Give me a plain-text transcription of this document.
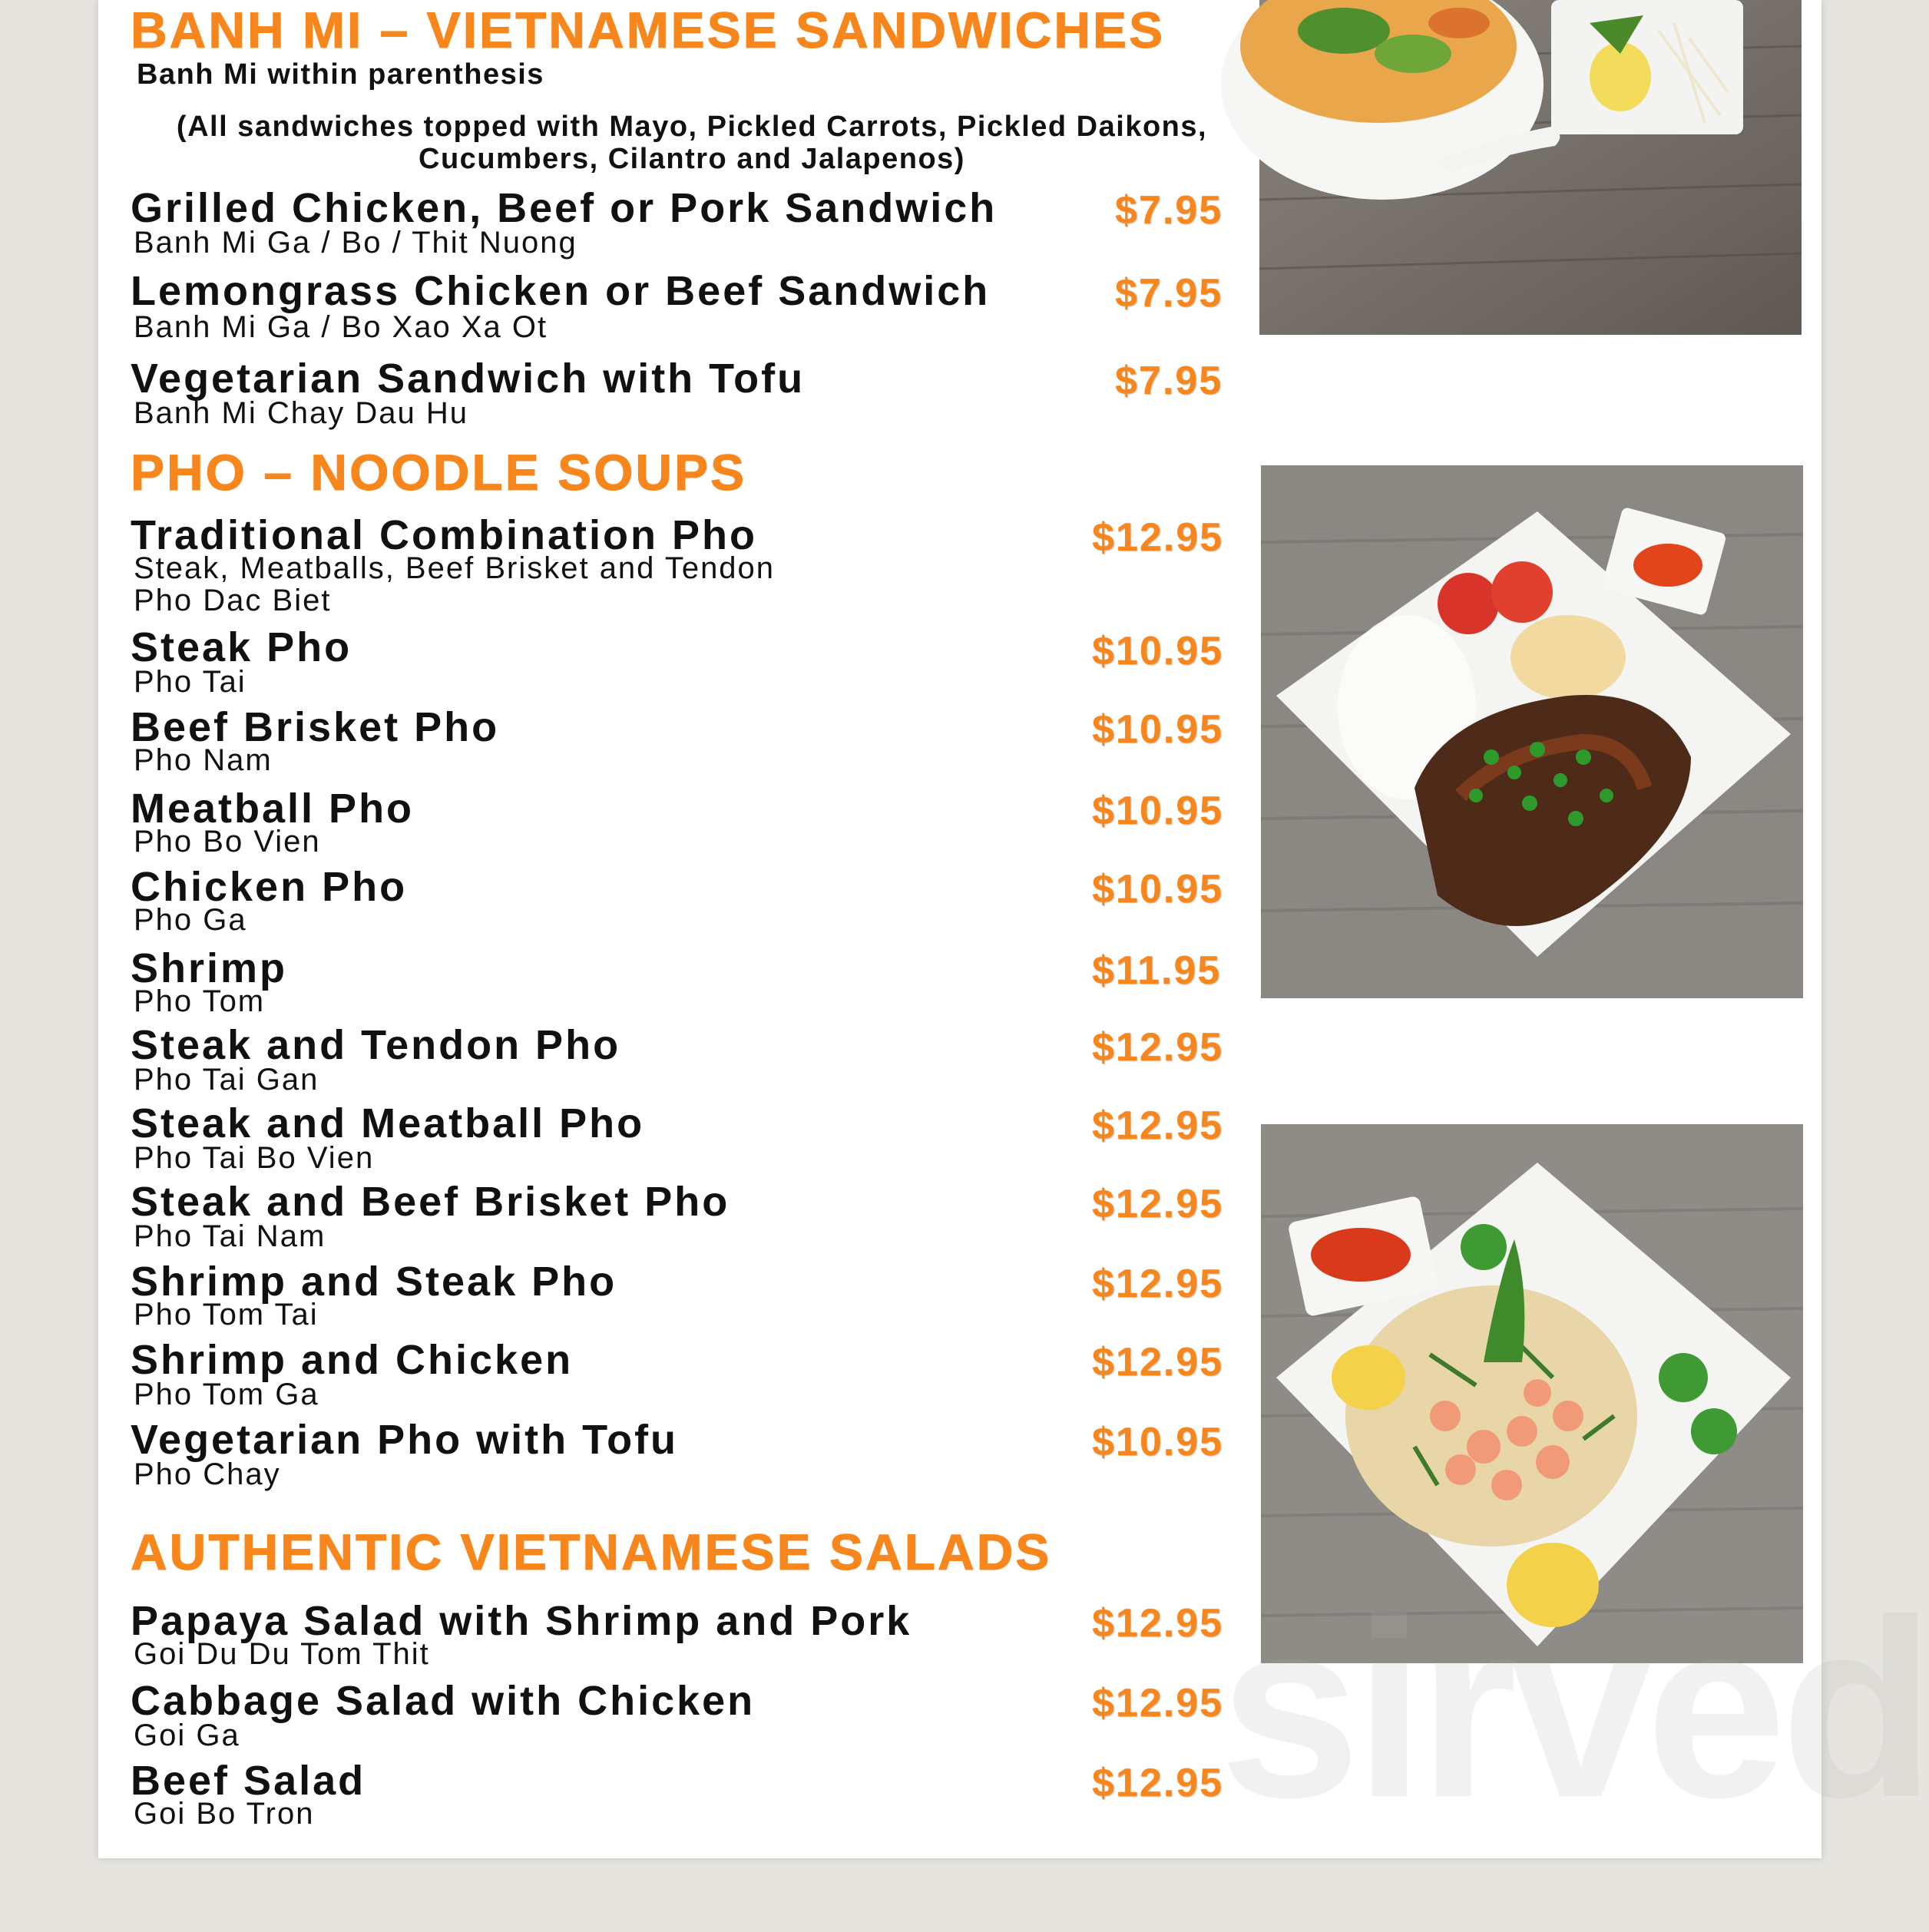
BANH MI – VIETNAMESE SANDWICHES
Banh Mi within parenthesis
(All sandwiches topped with Mayo, Pickled Carrots, Pickled Daikons, Cucumbers, Cilantro and Jalapenos)
Grilled Chicken, Beef or Pork Sandwich
Banh Mi Ga / Bo / Thit Nuong
$7.95
Lemongrass Chicken or Beef Sandwich
Banh Mi Ga / Bo Xao Xa Ot
$7.95
Vegetarian Sandwich with Tofu
Banh Mi Chay Dau Hu
$7.95
PHO – NOODLE SOUPS
Traditional Combination Pho
Steak, Meatballs, Beef Brisket and Tendon
Pho Dac Biet
$12.95
Steak Pho
Pho Tai
$10.95
Beef Brisket Pho
Pho Nam
$10.95
Meatball Pho
Pho Bo Vien
$10.95
Chicken Pho
Pho Ga
$10.95
Shrimp
Pho Tom
$11.95
Steak and Tendon Pho
Pho Tai Gan
$12.95
Steak and Meatball Pho
Pho Tai Bo Vien
$12.95
Steak and Beef Brisket Pho
Pho Tai Nam
$12.95
Shrimp and Steak Pho
Pho Tom Tai
$12.95
Shrimp and Chicken
Pho Tom Ga
$12.95
Vegetarian Pho with Tofu
Pho Chay
$10.95
AUTHENTIC VIETNAMESE SALADS
Papaya Salad with Shrimp and Pork
Goi Du Du Tom Thit
$12.95
Cabbage Salad with Chicken
Goi Ga
$12.95
Beef Salad
Goi Bo Tron
$12.95
sirved
